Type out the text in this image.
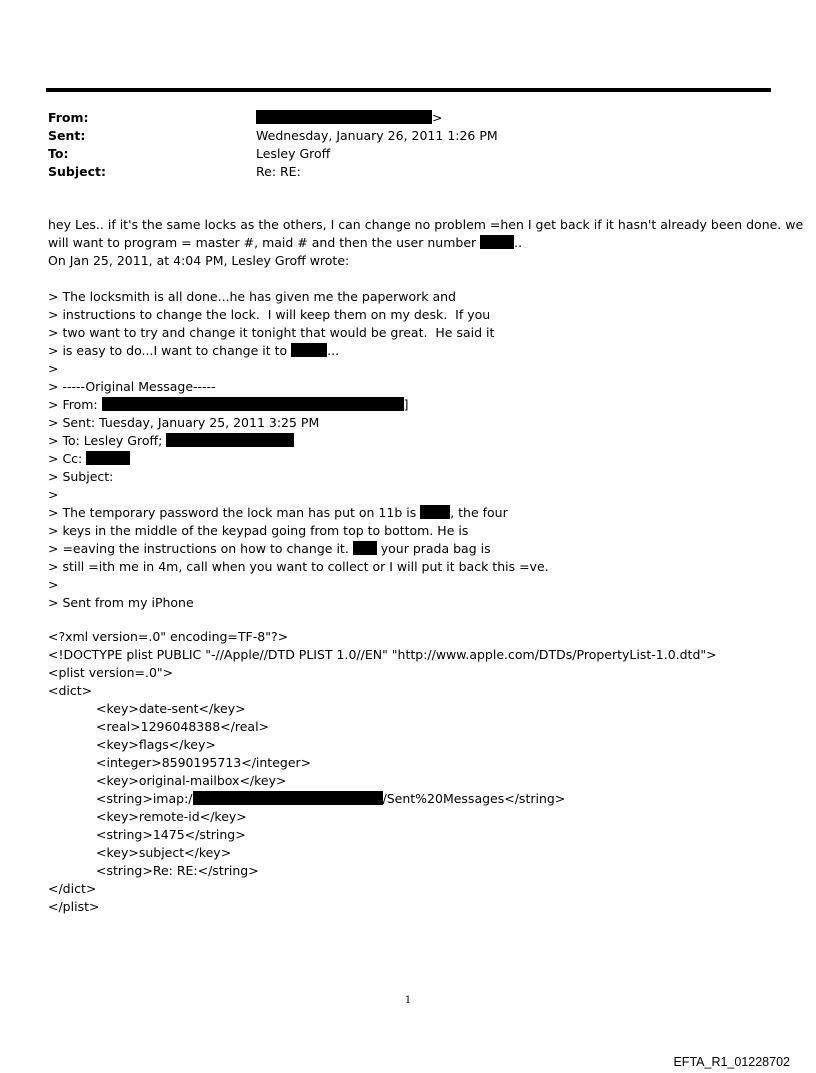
From:	>
Sent:	Wednesday, January 26, 2011 1:26 PM
To:	Lesley Groff
Subject:	Re: RE:
hey Les.. if it's the same locks as the others, I can change no problem =hen I get back if it hasn't already been done. we
will want to program = master #, maid # and then the user number	..
On Jan 25, 2011, at 4:04 PM, Lesley Groff wrote:
> The locksmith is all done...he has given me the paperwork and
> instructions to change the lock.  I will keep them on my desk.  If you
> two want to try and change it tonight that would be great.  He said it
> is easy to do...I want to change it to	...
>
> -----Original Message-----
> From:	]
> Sent: Tuesday, January 25, 2011 3:25 PM
> To: Lesley Groff;
> Cc:
> Subject:
>
> The temporary password the lock man has put on 11b is , the four
> keys in the middle of the keypad going from top to bottom. He is
> =eaving the instructions on how to change it.  your prada bag is
> still =ith me in 4m, call when you want to collect or I will put it back this =ve.
>
> Sent from my iPhone
<?xml version=.0" encoding=TF-8"?>
<!DOCTYPE plist PUBLIC "-//Apple//DTD PLIST 1.0//EN" "http://www.apple.com/DTDs/PropertyList-1.0.dtd">
<plist version=.0">
<dict>
<key>date-sent</key>
<real>1296048388</real>
<key>flags</key>
<integer>8590195713</integer>
<key>original-mailbox</key>
<string>imap:/	/Sent%20Messages</string>
<key>remote-id</key>
<string>1475</string>
<key>subject</key>
<string>Re: RE:</string>
</dict>
</plist>
1
EFTA_R1_01228702
